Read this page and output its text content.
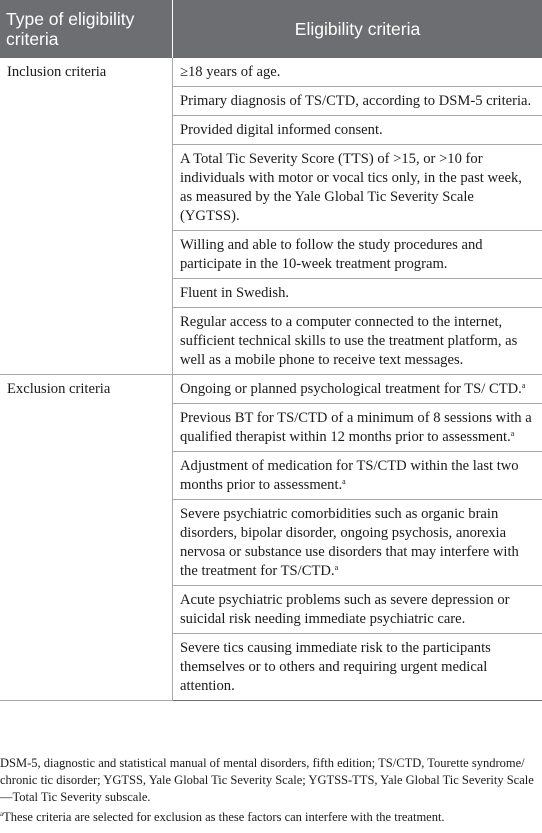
Type of eligibility criteria	Eligibility criteria
Inclusion criteria	≥18 years of age.
	Primary diagnosis of TS/CTD, according to DSM-5 criteria.
	Provided digital informed consent.
	A Total Tic Severity Score (TTS) of >15, or >10 for individuals with motor or vocal tics only, in the past week, as measured by the Yale Global Tic Severity Scale (YGTSS).
	Willing and able to follow the study procedures and participate in the 10-week treatment program.
	Fluent in Swedish.
	Regular access to a computer connected to the internet, sufficient technical skills to use the treatment platform, as well as a mobile phone to receive text messages.
Exclusion criteria	Ongoing or planned psychological treatment for TS/ CTD.$^a$
	Previous BT for TS/CTD of a minimum of 8 sessions with a qualified therapist within 12 months prior to assessment.$^a$
	Adjustment of medication for TS/CTD within the last two months prior to assessment.$^a$
	Severe psychiatric comorbidities such as organic brain disorders, bipolar disorder, ongoing psychosis, anorexia nervosa or substance use disorders that may interfere with the treatment for TS/CTD.$^a$
	Acute psychiatric problems such as severe depression or suicidal risk needing immediate psychiatric care.
	Severe tics causing immediate risk to the participants themselves or to others and requiring urgent medical attention.

DSM-5, diagnostic and statistical manual of mental disorders, fifth edition; TS/CTD, Tourette syndrome/ chronic tic disorder; YGTSS, Yale Global Tic Severity Scale; YGTSS-TTS, Yale Global Tic Severity Scale—Total Tic Severity subscale.

$^a$These criteria are selected for exclusion as these factors can interfere with the treatment.
